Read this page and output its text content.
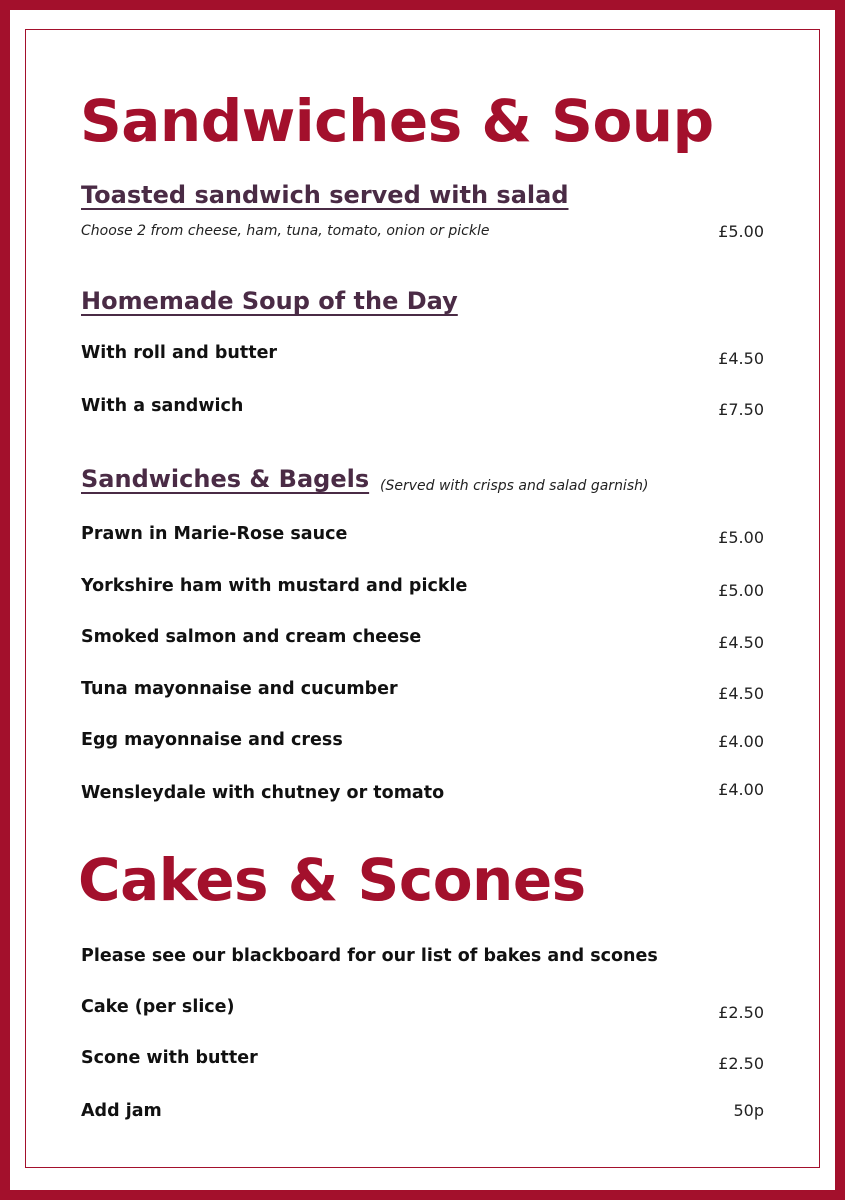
Sandwiches & Soup
Toasted sandwich served with salad
Choose 2 from cheese, ham, tuna, tomato, onion or pickle	£5.00
Homemade Soup of the Day
With roll and butter	£4.50
With a sandwich	£7.50
Sandwiches & Bagels (Served with crisps and salad garnish)
Prawn in Marie-Rose sauce	£5.00
Yorkshire ham with mustard and pickle	£5.00
Smoked salmon and cream cheese	£4.50
Tuna mayonnaise and cucumber	£4.50
Egg mayonnaise and cress	£4.00
Wensleydale with chutney or tomato	£4.00
Cakes & Scones
Please see our blackboard for our list of bakes and scones
Cake (per slice)	£2.50
Scone with butter	£2.50
Add jam	50p
